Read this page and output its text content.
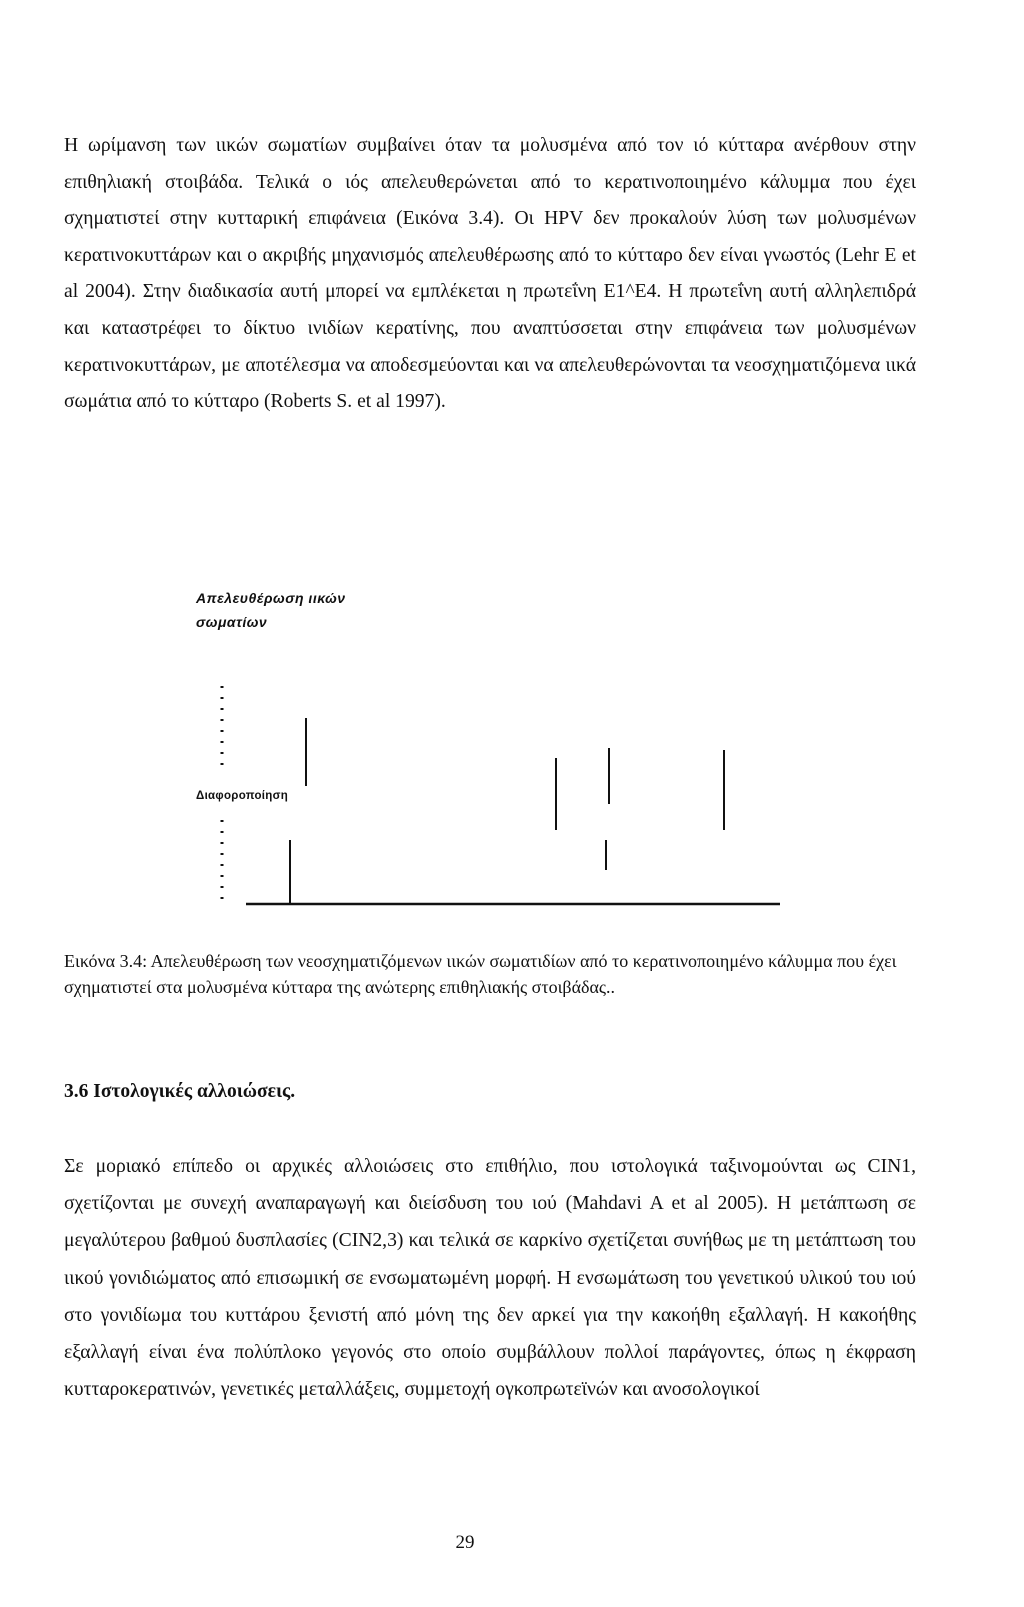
Η ωρίμανση των ιικών σωματίων συμβαίνει όταν τα μολυσμένα από τον ιό κύτταρα ανέρθουν στην επιθηλιακή στοιβάδα. Τελικά ο ιός απελευθερώνεται από το κερατινοποιημένο κάλυμμα που έχει σχηματιστεί στην κυτταρική επιφάνεια (Εικόνα 3.4). Οι HPV δεν προκαλούν λύση των μολυσμένων κερατινοκυττάρων και ο ακριβής μηχανισμός απελευθέρωσης από το κύτταρο δεν είναι γνωστός (Lehr E et al 2004). Στην διαδικασία αυτή μπορεί να εμπλέκεται η πρωτεΐνη Ε1^Ε4. Η πρωτεΐνη αυτή αλληλεπιδρά και καταστρέφει το δίκτυο ινιδίων κερατίνης, που αναπτύσσεται στην επιφάνεια των μολυσμένων κερατινοκυττάρων, με αποτέλεσμα να αποδεσμεύονται και να απελευθερώνονται τα νεοσχηματιζόμενα ιικά σωμάτια από το κύτταρο (Roberts S. et al 1997).

Απελευθέρωση ιικών
σωματίων
Διαφοροποίηση

Εικόνα 3.4: Απελευθέρωση των νεοσχηματιζόμενων ιικών σωματιδίων από το κερατινοποιημένο κάλυμμα που έχει σχηματιστεί στα μολυσμένα κύτταρα της ανώτερης επιθηλιακής στοιβάδας..

3.6 Ιστολογικές αλλοιώσεις.

Σε μοριακό επίπεδο οι αρχικές αλλοιώσεις στο επιθήλιο, που ιστολογικά ταξινομούνται ως CIN1, σχετίζονται με συνεχή αναπαραγωγή και διείσδυση του ιού (Mahdavi A et al 2005). Η μετάπτωση σε μεγαλύτερου βαθμού δυσπλασίες (CIN2,3) και τελικά σε καρκίνο σχετίζεται συνήθως με τη μετάπτωση του ιικού γονιδιώματος από επισωμική σε ενσωματωμένη μορφή. Η ενσωμάτωση του γενετικού υλικού του ιού στο γονιδίωμα του κυττάρου ξενιστή από μόνη της δεν αρκεί για την κακοήθη εξαλλαγή. Η κακοήθης εξαλλαγή είναι ένα πολύπλοκο γεγονός στο οποίο συμβάλλουν πολλοί παράγοντες, όπως η έκφραση κυτταροκερατινών, γενετικές μεταλλάξεις, συμμετοχή ογκοπρωτεϊνών και ανοσολογικοί

29
